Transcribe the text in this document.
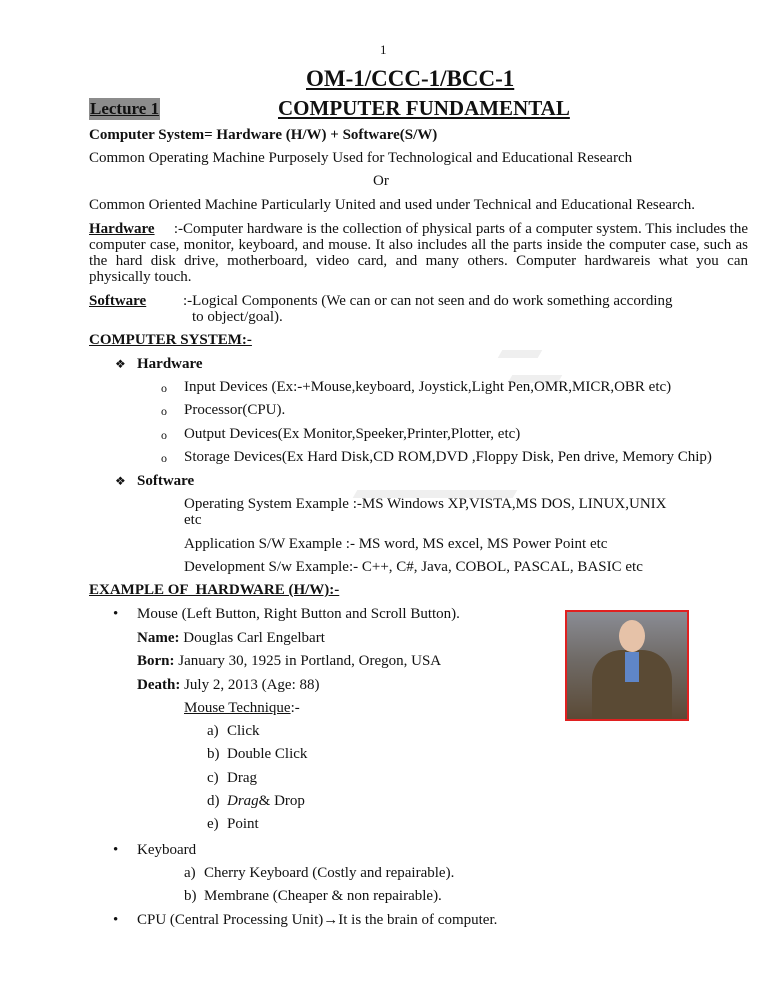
1
OM-1/CCC-1/BCC-1
Lecture 1	COMPUTER FUNDAMENTAL
Computer System= Hardware (H/W) + Software(S/W)
Common Operating Machine Purposely Used for Technological and Educational Research
Or
Common Oriented Machine Particularly United and used under Technical and Educational Research.
Hardware :-Computer hardware is the collection of physical parts of a computer system. This includes the computer case, monitor, keyboard, and mouse. It also includes all the parts inside the computer case, such as the hard disk drive, motherboard, video card, and many others. Computer hardwareis what you can physically touch.
Software :-Logical Components (We can or can not seen and do work something according
to object/goal).
COMPUTER SYSTEM:-
❖ Hardware
o Input Devices (Ex:-+Mouse,keyboard, Joystick,Light Pen,OMR,MICR,OBR etc)
o Processor(CPU).
o Output Devices(Ex Monitor,Speeker,Printer,Plotter, etc)
o Storage Devices(Ex Hard Disk,CD ROM,DVD ,Floppy Disk, Pen drive, Memory Chip)
❖ Software
Operating System Example :-MS Windows XP,VISTA,MS DOS, LINUX,UNIX
etc
Application S/W Example :- MS word, MS excel, MS Power Point etc
Development S/w Example:- C++, C#, Java, COBOL, PASCAL, BASIC etc
EXAMPLE OF  HARDWARE (H/W):-
• Mouse (Left Button, Right Button and Scroll Button).
Name: Douglas Carl Engelbart
Born: January 30, 1925 in Portland, Oregon, USA
Death: July 2, 2013 (Age: 88)
Mouse Technique:-
a) Click
b) Double Click
c) Drag
d) Drag& Drop
e) Point
• Keyboard
a) Cherry Keyboard (Costly and repairable).
b) Membrane (Cheaper & non repairable).
• CPU (Central Processing Unit)→It is the brain of computer.
